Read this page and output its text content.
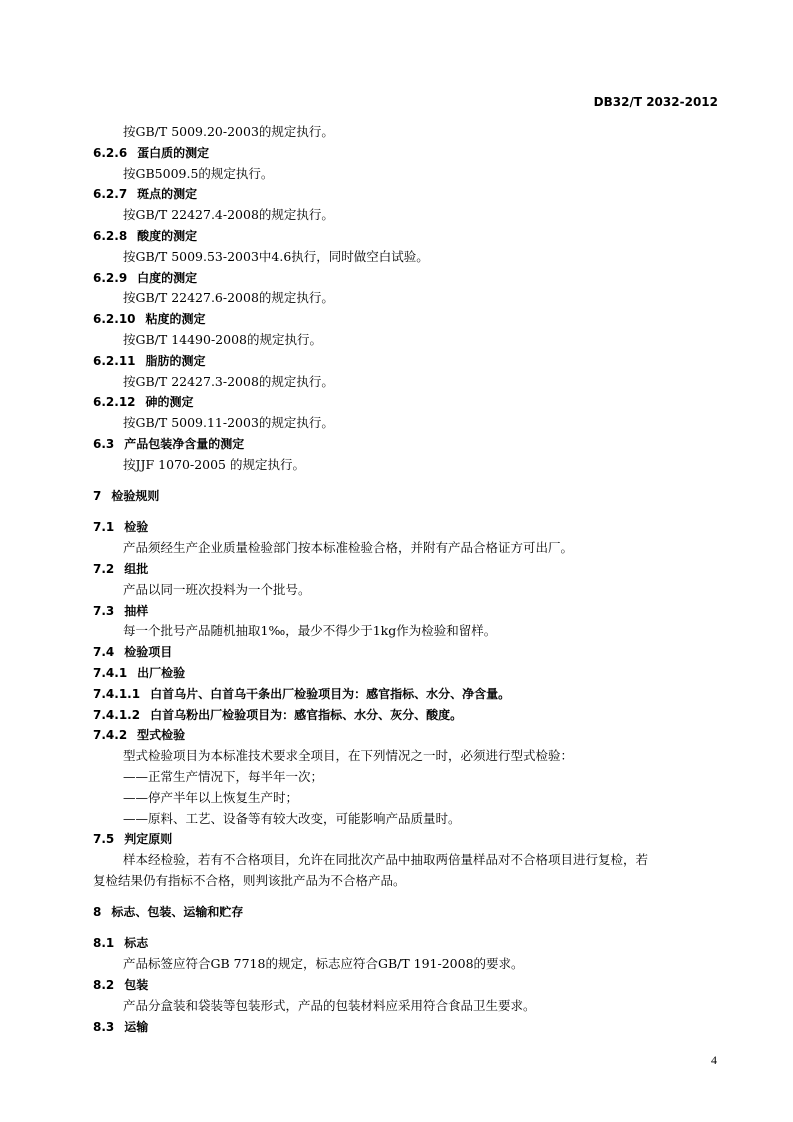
DB32/T 2032-2012
按GB/T 5009.20-2003的规定执行。
6.2.6 蛋白质的测定
按GB5009.5的规定执行。
6.2.7 斑点的测定
按GB/T 22427.4-2008的规定执行。
6.2.8 酸度的测定
按GB/T 5009.53-2003中4.6执行，同时做空白试验。
6.2.9 白度的测定
按GB/T 22427.6-2008的规定执行。
6.2.10 粘度的测定
按GB/T 14490-2008的规定执行。
6.2.11 脂肪的测定
按GB/T 22427.3-2008的规定执行。
6.2.12 砷的测定
按GB/T 5009.11-2003的规定执行。
6.3 产品包装净含量的测定
按JJF 1070-2005 的规定执行。
7 检验规则
7.1 检验
产品须经生产企业质量检验部门按本标准检验合格，并附有产品合格证方可出厂。
7.2 组批
产品以同一班次投料为一个批号。
7.3 抽样
每一个批号产品随机抽取1‰，最少不得少于1kg作为检验和留样。
7.4 检验项目
7.4.1 出厂检验
7.4.1.1 白首乌片、白首乌干条出厂检验项目为：感官指标、水分、净含量。
7.4.1.2 白首乌粉出厂检验项目为：感官指标、水分、灰分、酸度。
7.4.2 型式检验
型式检验项目为本标准技术要求全项目，在下列情况之一时，必须进行型式检验：
——正常生产情况下，每半年一次；
——停产半年以上恢复生产时；
——原料、工艺、设备等有较大改变，可能影响产品质量时。
7.5 判定原则
样本经检验，若有不合格项目，允许在同批次产品中抽取两倍量样品对不合格项目进行复检，若
复检结果仍有指标不合格，则判该批产品为不合格产品。
8 标志、包装、运输和贮存
8.1 标志
产品标签应符合GB 7718的规定，标志应符合GB/T 191-2008的要求。
8.2 包装
产品分盒装和袋装等包装形式，产品的包装材料应采用符合食品卫生要求。
8.3 运输
4
